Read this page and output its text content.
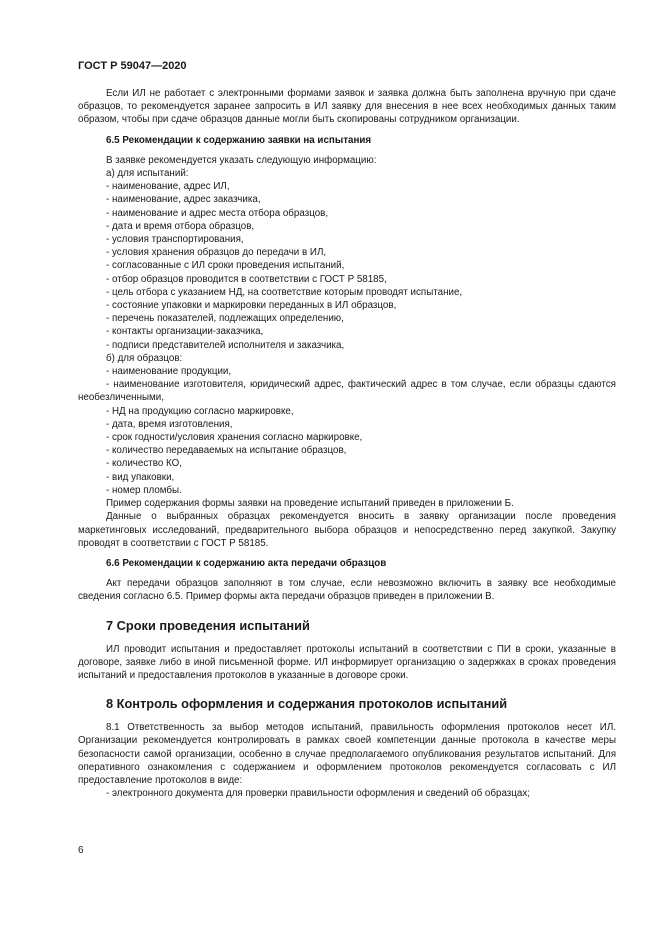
ГОСТ Р 59047—2020

Если ИЛ не работает с электронными формами заявок и заявка должна быть заполнена вручную при сдаче образцов, то рекомендуется заранее запросить в ИЛ заявку для внесения в нее всех необходимых данных таким образом, чтобы при сдаче образцов данные могли быть скопированы сотрудником организации.

6.5 Рекомендации к содержанию заявки на испытания

В заявке рекомендуется указать следующую информацию:

а) для испытаний:

- наименование, адрес ИЛ,

- наименование, адрес заказчика,

- наименование и адрес места отбора образцов,

- дата и время отбора образцов,

- условия транспортирования,

- условия хранения образцов до передачи в ИЛ,

- согласованные с ИЛ сроки проведения испытаний,

- отбор образцов проводится в соответствии с ГОСТ Р 58185,

- цель отбора с указанием НД, на соответствие которым проводят испытание,

- состояние упаковки и маркировки переданных в ИЛ образцов,

- перечень показателей, подлежащих определению,

- контакты организации-заказчика,

- подписи представителей исполнителя и заказчика,

б) для образцов:

- наименование продукции,

- наименование изготовителя, юридический адрес, фактический адрес в том случае, если образцы сдаются необезличенными,

- НД на продукцию согласно маркировке,

- дата, время изготовления,

- срок годности/условия хранения согласно маркировке,

- количество передаваемых на испытание образцов,

- количество КО,

- вид упаковки,

- номер пломбы.

Пример содержания формы заявки на проведение испытаний приведен в приложении Б.

Данные о выбранных образцах рекомендуется вносить в заявку организации после проведения маркетинговых исследований, предварительного выбора образцов и непосредственно перед закупкой. Закупку проводят в соответствии с ГОСТ Р 58185.

6.6 Рекомендации к содержанию акта передачи образцов

Акт передачи образцов заполняют в том случае, если невозможно включить в заявку все необходимые сведения согласно 6.5. Пример формы акта передачи образцов приведен в приложении В.

7 Сроки проведения испытаний

ИЛ проводит испытания и предоставляет протоколы испытаний в соответствии с ПИ в сроки, указанные в договоре, заявке либо в иной письменной форме. ИЛ информирует организацию о задержках в сроках проведения испытаний и предоставления протоколов в указанные в договоре сроки.

8 Контроль оформления и содержания протоколов испытаний

8.1 Ответственность за выбор методов испытаний, правильность оформления протоколов несет ИЛ. Организации рекомендуется контролировать в рамках своей компетенции данные протокола в качестве меры безопасности самой организации, особенно в случае предполагаемого опубликования результатов испытаний. Для оперативного ознакомления с содержанием и оформлением протоколов рекомендуется согласовать с ИЛ предоставление протоколов в виде:

- электронного документа для проверки правильности оформления и сведений об образцах;

6
